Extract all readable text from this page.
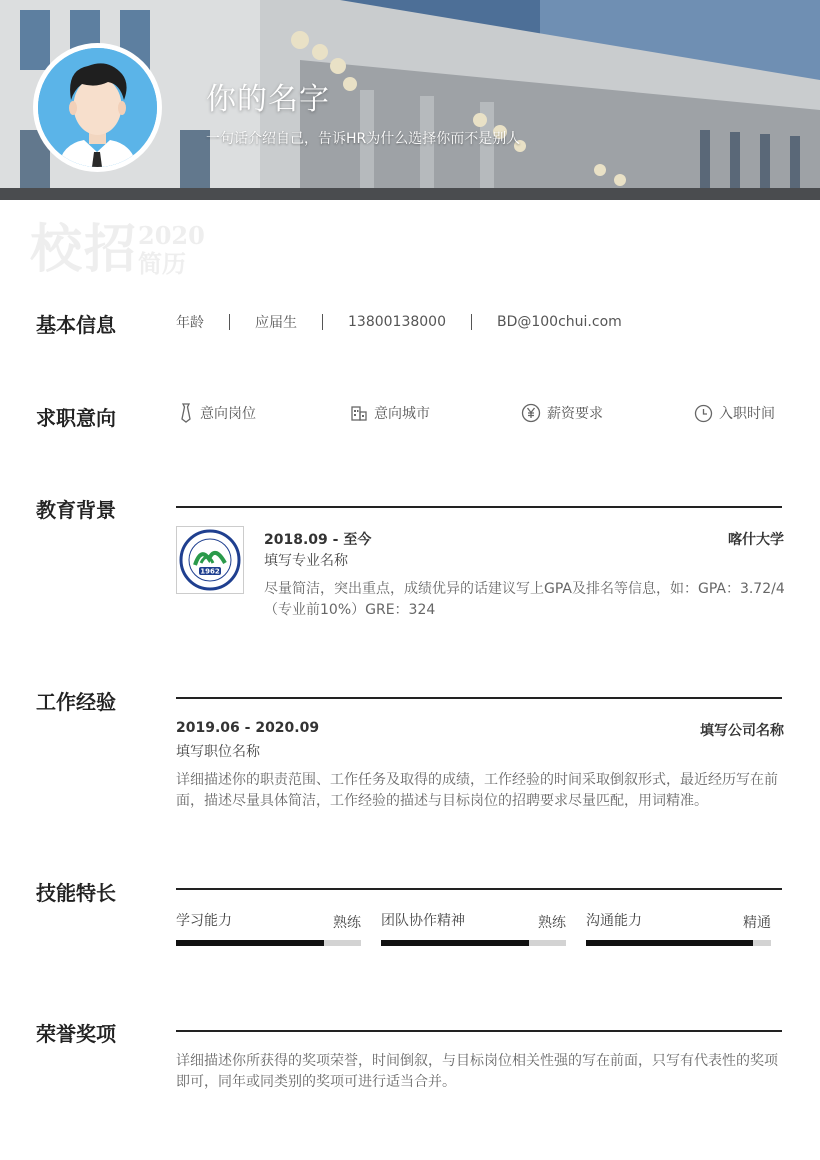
你的名字
一句话介绍自己，告诉HR为什么选择你而不是别人
校招 2020
简历
基本信息	年龄	应届生	13800138000	BD@100chui.com
求职意向	意向岗位	意向城市	薪资要求	入职时间
教育背景
1962
2018.09 - 至今	喀什大学
填写专业名称
尽量简洁，突出重点，成绩优异的话建议写上GPA及排名等信息，如：GPA：3.72/4（专业前10%）GRE：324
工作经验
2019.06 - 2020.09	填写公司名称
填写职位名称
详细描述你的职责范围、工作任务及取得的成绩，工作经验的时间采取倒叙形式，最近经历写在前面，描述尽量具体简洁，工作经验的描述与目标岗位的招聘要求尽量匹配，用词精准。
技能特长
学习能力	熟练 团队协作精神	熟练 沟通能力	精通
荣誉奖项
详细描述你所获得的奖项荣誉，时间倒叙，与目标岗位相关性强的写在前面，只写有代表性的奖项即可，同年或同类别的奖项可进行适当合并。
